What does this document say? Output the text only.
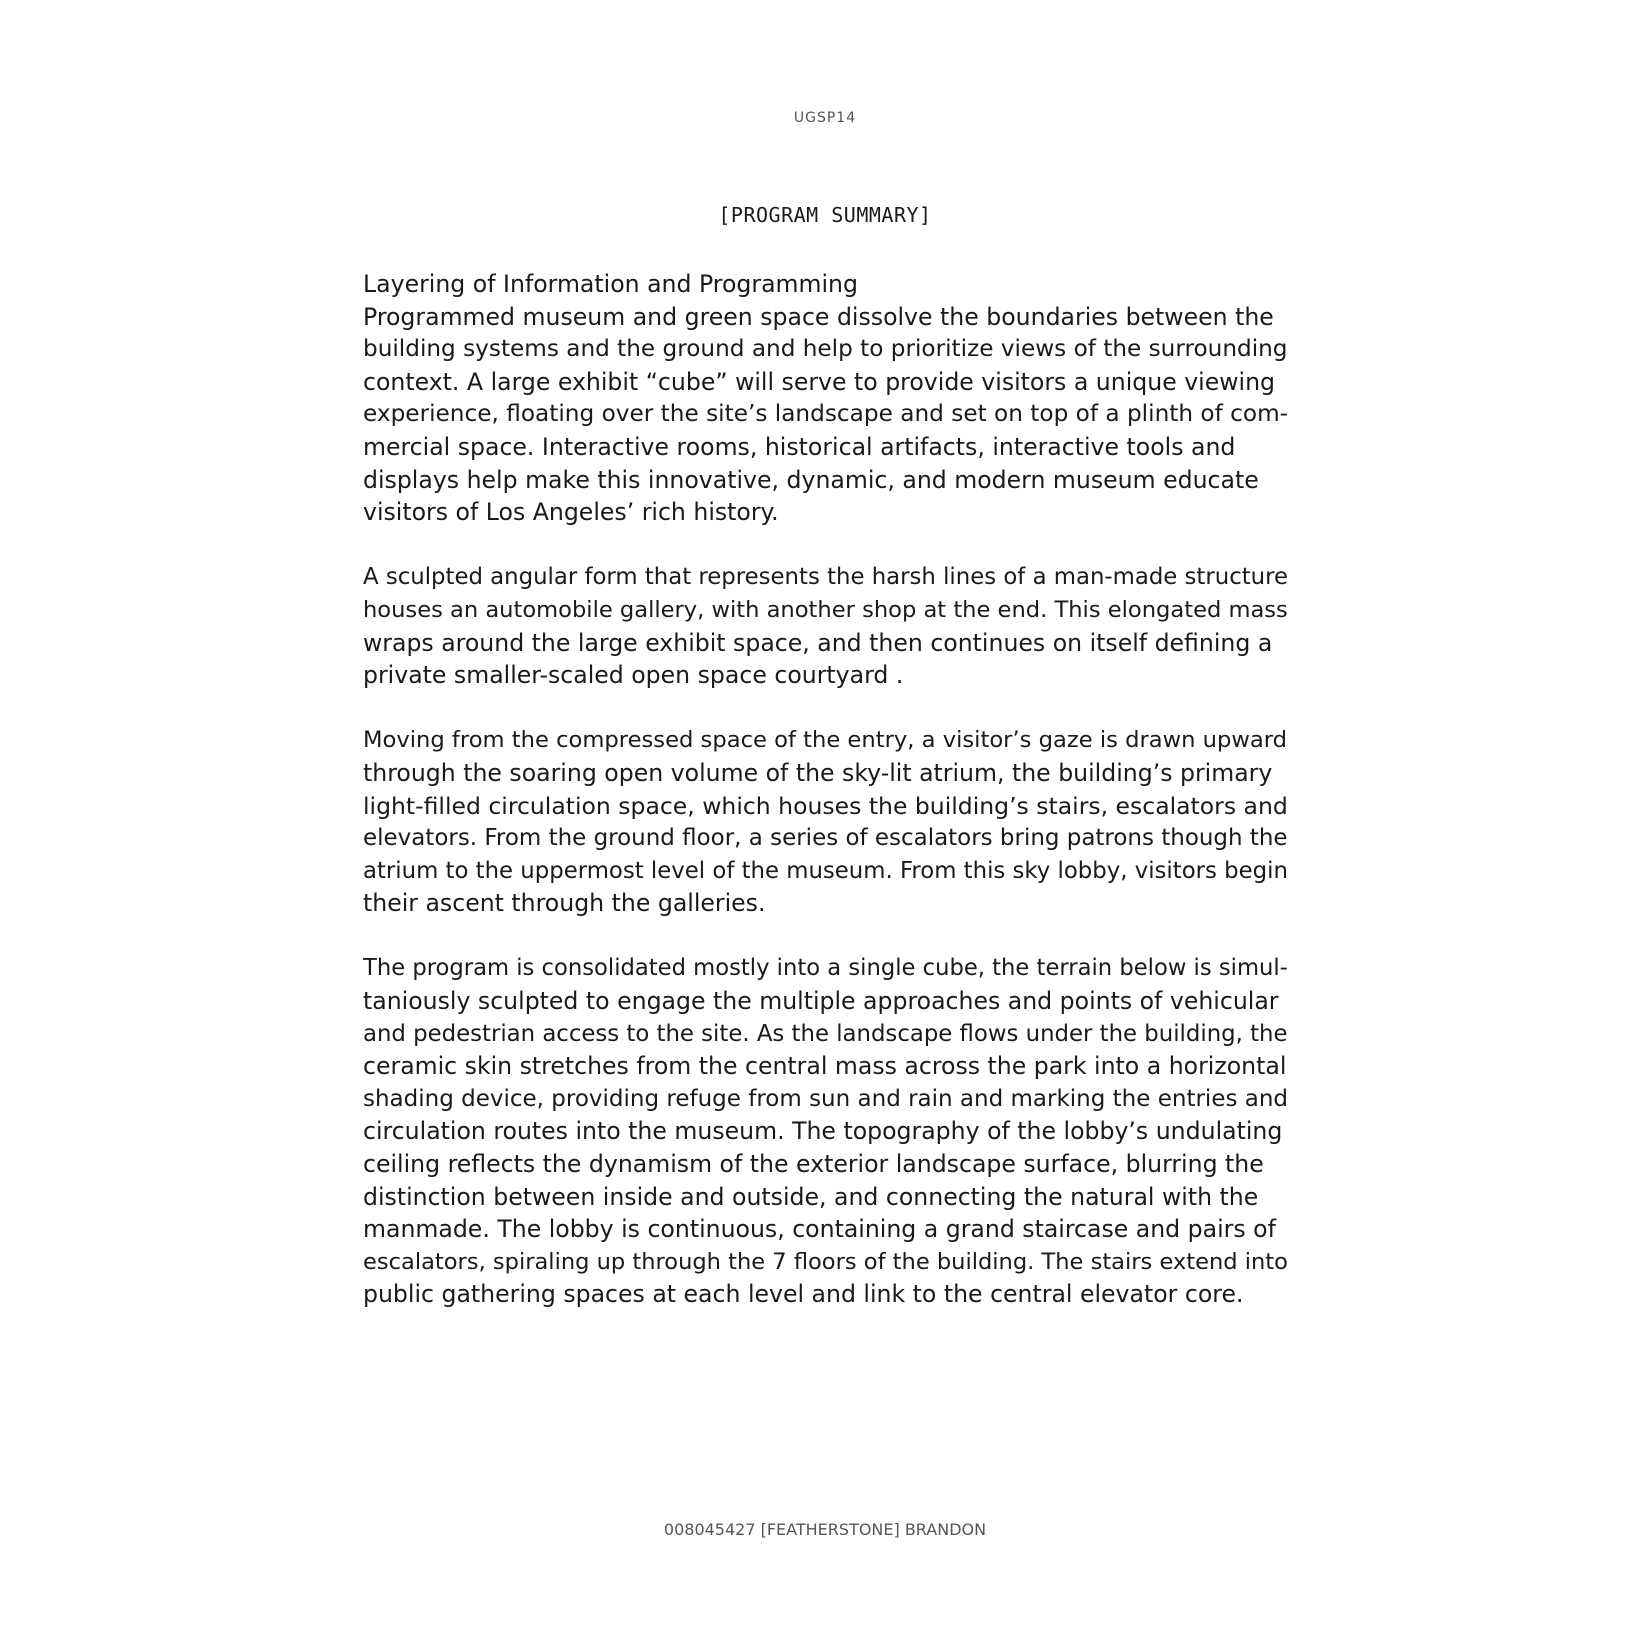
UGSP14
[PROGRAM SUMMARY]
Layering of Information and Programming
Programmed museum and green space dissolve the boundaries between the
building systems and the ground and help to prioritize views of the surrounding
context. A large exhibit “cube” will serve to provide visitors a unique viewing
experience, floating over the site’s landscape and set on top of a plinth of com-
mercial space. Interactive rooms, historical artifacts, interactive tools and
displays help make this innovative, dynamic, and modern museum educate
visitors of Los Angeles’ rich history.
A sculpted angular form that represents the harsh lines of a man-made structure
houses an automobile gallery, with another shop at the end. This elongated mass
wraps around the large exhibit space, and then continues on itself defining a
private smaller-scaled open space courtyard .
Moving from the compressed space of the entry, a visitor’s gaze is drawn upward
through the soaring open volume of the sky-lit atrium, the building’s primary
light-filled circulation space, which houses the building’s stairs, escalators and
elevators. From the ground floor, a series of escalators bring patrons though the
atrium to the uppermost level of the museum. From this sky lobby, visitors begin
their ascent through the galleries.
The program is consolidated mostly into a single cube, the terrain below is simul-
taniously sculpted to engage the multiple approaches and points of vehicular
and pedestrian access to the site. As the landscape flows under the building, the
ceramic skin stretches from the central mass across the park into a horizontal
shading device, providing refuge from sun and rain and marking the entries and
circulation routes into the museum. The topography of the lobby’s undulating
ceiling reflects the dynamism of the exterior landscape surface, blurring the
distinction between inside and outside, and connecting the natural with the
manmade. The lobby is continuous, containing a grand staircase and pairs of
escalators, spiraling up through the 7 floors of the building. The stairs extend into
public gathering spaces at each level and link to the central elevator core.
008045427 [FEATHERSTONE] BRANDON
